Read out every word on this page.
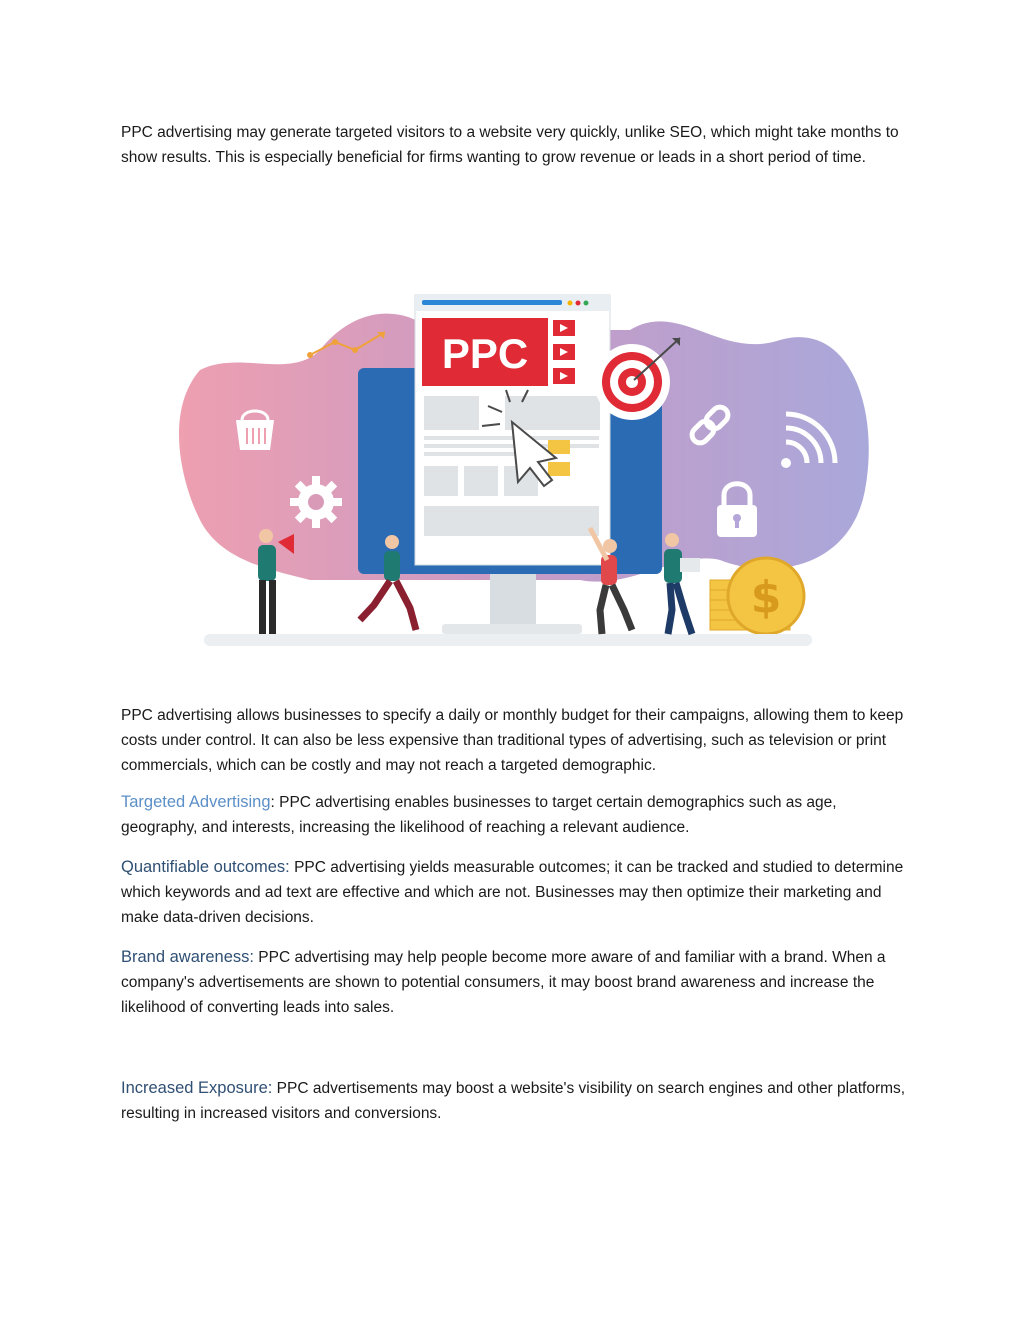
PPC advertising may generate targeted visitors to a website very quickly, unlike SEO, which might take months to show results. This is especially beneficial for firms wanting to grow revenue or leads in a short period of time.

PPC
$

PPC advertising allows businesses to specify a daily or monthly budget for their campaigns, allowing them to keep costs under control. It can also be less expensive than traditional types of advertising, such as television or print commercials, which can be costly and may not reach a targeted demographic.

Targeted Advertising: PPC advertising enables businesses to target certain demographics such as age, geography, and interests, increasing the likelihood of reaching a relevant audience.

Quantifiable outcomes: PPC advertising yields measurable outcomes; it can be tracked and studied to determine which keywords and ad text are effective and which are not. Businesses may then optimize their marketing and make data-driven decisions.

Brand awareness: PPC advertising may help people become more aware of and familiar with a brand. When a company's advertisements are shown to potential consumers, it may boost brand awareness and increase the likelihood of converting leads into sales.

Increased Exposure: PPC advertisements may boost a website's visibility on search engines and other platforms, resulting in increased visitors and conversions.
